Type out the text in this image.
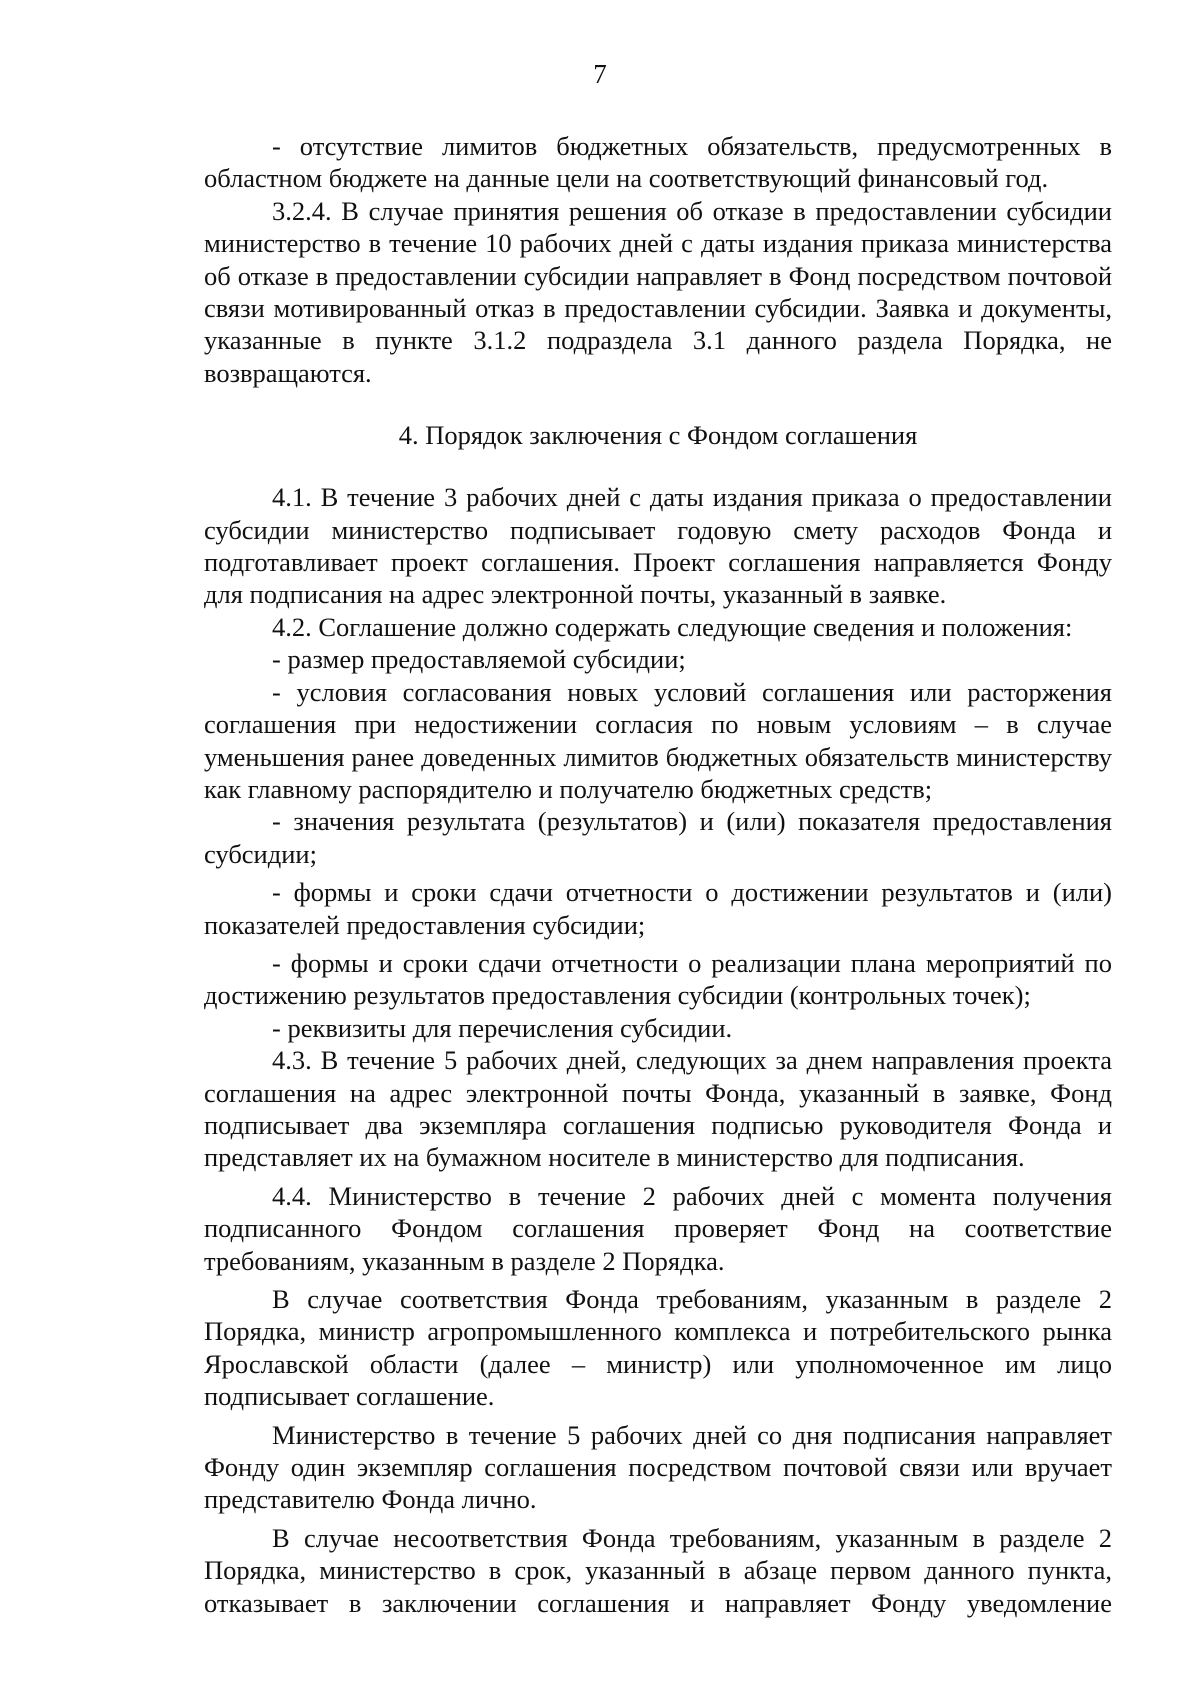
7

- отсутствие лимитов бюджетных обязательств, предусмотренных в областном бюджете на данные цели на соответствующий финансовый год.

3.2.4. В случае принятия решения об отказе в предоставлении субсидии министерство в течение 10 рабочих дней с даты издания приказа министерства об отказе в предоставлении субсидии направляет в Фонд посредством почтовой связи мотивированный отказ в предоставлении субсидии. Заявка и документы, указанные в пункте 3.1.2 подраздела 3.1 данного раздела Порядка, не возвращаются.

4. Порядок заключения с Фондом соглашения

4.1. В течение 3 рабочих дней с даты издания приказа о предоставлении субсидии министерство подписывает годовую смету расходов Фонда и подготавливает проект соглашения. Проект соглашения направляется Фонду для подписания на адрес электронной почты, указанный в заявке.

4.2. Соглашение должно содержать следующие сведения и положения:

- размер предоставляемой субсидии;

- условия согласования новых условий соглашения или расторжения соглашения при недостижении согласия по новым условиям – в случае уменьшения ранее доведенных лимитов бюджетных обязательств министерству как главному распорядителю и получателю бюджетных средств;

- значения результата (результатов) и (или) показателя предоставления субсидии;

- формы и сроки сдачи отчетности о достижении результатов и (или) показателей предоставления субсидии;

- формы и сроки сдачи отчетности о реализации плана мероприятий по достижению результатов предоставления субсидии (контрольных точек);

- реквизиты для перечисления субсидии.

4.3. В течение 5 рабочих дней, следующих за днем направления проекта соглашения на адрес электронной почты Фонда, указанный в заявке, Фонд подписывает два экземпляра соглашения подписью руководителя Фонда и представляет их на бумажном носителе в министерство для подписания.

4.4. Министерство в течение 2 рабочих дней с момента получения подписанного Фондом соглашения проверяет Фонд на соответствие требованиям, указанным в разделе 2 Порядка.

В случае соответствия Фонда требованиям, указанным в разделе 2 Порядка, министр агропромышленного комплекса и потребительского рынка Ярославской области (далее – министр) или уполномоченное им лицо подписывает соглашение.

Министерство в течение 5 рабочих дней со дня подписания направляет Фонду один экземпляр соглашения посредством почтовой связи или вручает представителю Фонда лично.

В случае несоответствия Фонда требованиям, указанным в разделе 2 Порядка, министерство в срок, указанный в абзаце первом данного пункта, отказывает в заключении соглашения и направляет Фонду уведомление
